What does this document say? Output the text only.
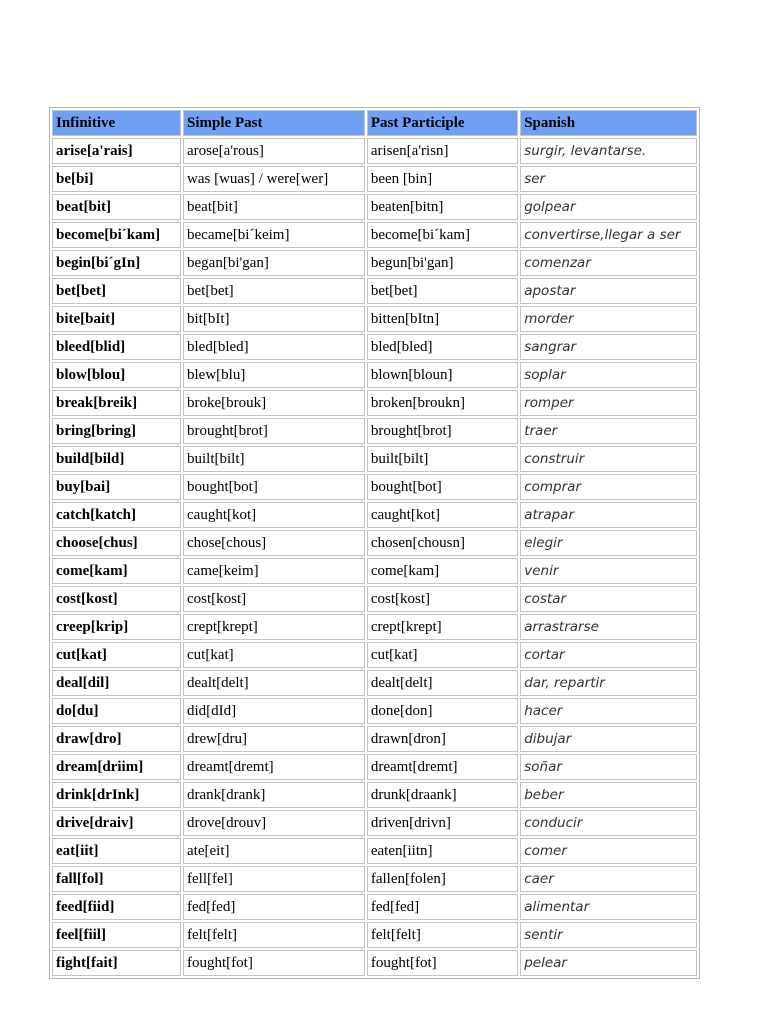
Infinitive	Simple Past	Past Participle	Spanish
arise[a'rais]	arose[a'rous]	arisen[a'risn]	surgir, levantarse.
be[bi]	was [wuas] / were[wer]	been [bin]	ser
beat[bit]	beat[bit]	beaten[bitn]	golpear
become[bi´kam]	became[bi´keim]	become[bi´kam]	convertirse,llegar a ser
begin[bi´gIn]	began[bi'gan]	begun[bi'gan]	comenzar
bet[bet]	bet[bet]	bet[bet]	apostar
bite[bait]	bit[bIt]	bitten[bItn]	morder
bleed[blid]	bled[bled]	bled[bled]	sangrar
blow[blou]	blew[blu]	blown[bloun]	soplar
break[breik]	broke[brouk]	broken[broukn]	romper
bring[bring]	brought[brot]	brought[brot]	traer
build[bild]	built[bilt]	built[bilt]	construir
buy[bai]	bought[bot]	bought[bot]	comprar
catch[katch]	caught[kot]	caught[kot]	atrapar
choose[chus]	chose[chous]	chosen[chousn]	elegir
come[kam]	came[keim]	come[kam]	venir
cost[kost]	cost[kost]	cost[kost]	costar
creep[krip]	crept[krept]	crept[krept]	arrastrarse
cut[kat]	cut[kat]	cut[kat]	cortar
deal[dil]	dealt[delt]	dealt[delt]	dar, repartir
do[du]	did[dId]	done[don]	hacer
draw[dro]	drew[dru]	drawn[dron]	dibujar
dream[driim]	dreamt[dremt]	dreamt[dremt]	soñar
drink[drInk]	drank[drank]	drunk[draank]	beber
drive[draiv]	drove[drouv]	driven[drivn]	conducir
eat[iit]	ate[eit]	eaten[iitn]	comer
fall[fol]	fell[fel]	fallen[folen]	caer
feed[fiid]	fed[fed]	fed[fed]	alimentar
feel[fiil]	felt[felt]	felt[felt]	sentir
fight[fait]	fought[fot]	fought[fot]	pelear
